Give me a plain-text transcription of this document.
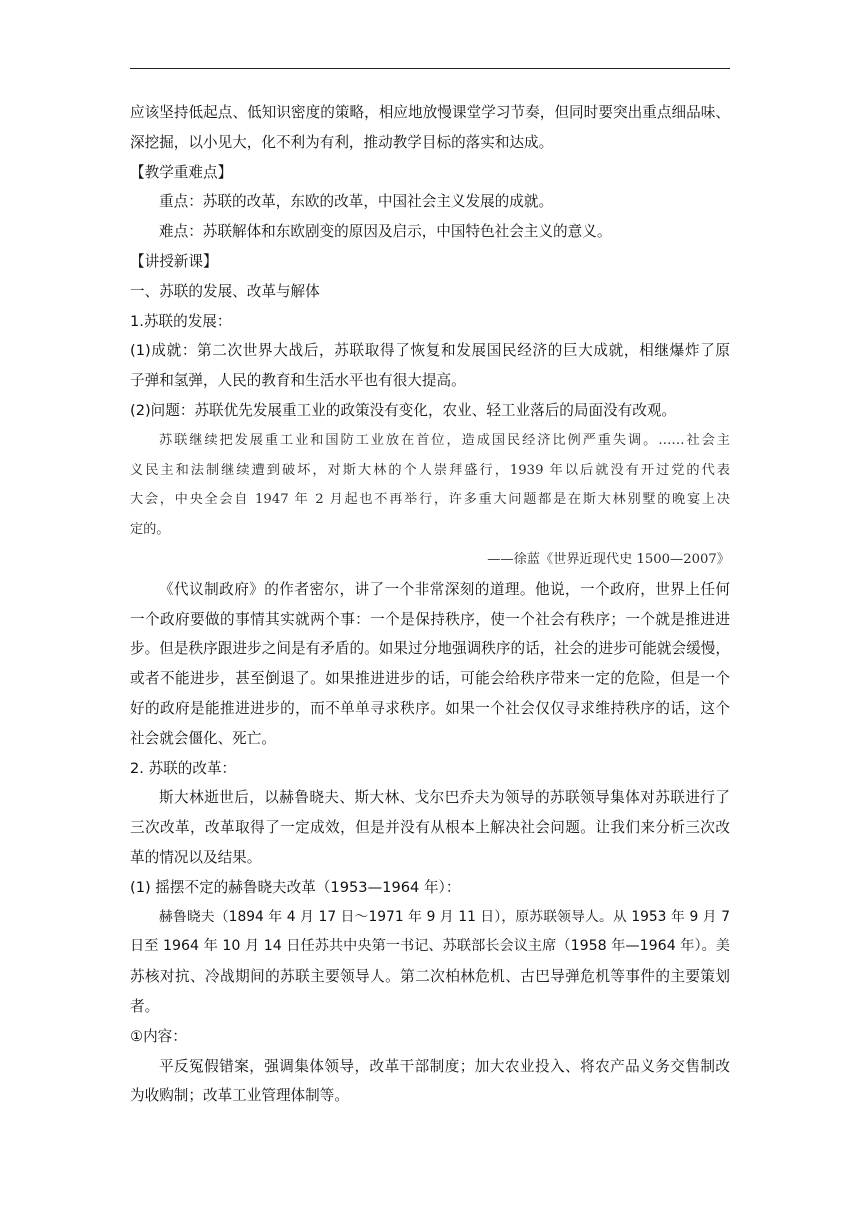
应该坚持低起点、低知识密度的策略，相应地放慢课堂学习节奏，但同时要突出重点细品味、
深挖掘，以小见大，化不利为有利，推动教学目标的落实和达成。
【教学重难点】
重点：苏联的改革，东欧的改革，中国社会主义发展的成就。
难点：苏联解体和东欧剧变的原因及启示，中国特色社会主义的意义。
【讲授新课】
一、苏联的发展、改革与解体
1.苏联的发展：
(1)成就：第二次世界大战后，苏联取得了恢复和发展国民经济的巨大成就，相继爆炸了原
子弹和氢弹，人民的教育和生活水平也有很大提高。
(2)问题：苏联优先发展重工业的政策没有变化，农业、轻工业落后的局面没有改观。
苏联继续把发展重工业和国防工业放在首位，造成国民经济比例严重失调。……社会主
义民主和法制继续遭到破坏，对斯大林的个人崇拜盛行，1939 年以后就没有开过党的代表
大会，中央全会自 1947 年 2 月起也不再举行，许多重大问题都是在斯大林别墅的晚宴上决
定的。
——徐蓝《世界近现代史 1500—2007》
《代议制政府》的作者密尔，讲了一个非常深刻的道理。他说，一个政府，世界上任何
一个政府要做的事情其实就两个事：一个是保持秩序，使一个社会有秩序；一个就是推进进
步。但是秩序跟进步之间是有矛盾的。如果过分地强调秩序的话，社会的进步可能就会缓慢，
或者不能进步，甚至倒退了。如果推进进步的话，可能会给秩序带来一定的危险，但是一个
好的政府是能推进进步的，而不单单寻求秩序。如果一个社会仅仅寻求维持秩序的话，这个
社会就会僵化、死亡。
2. 苏联的改革：
斯大林逝世后，以赫鲁晓夫、斯大林、戈尔巴乔夫为领导的苏联领导集体对苏联进行了
三次改革，改革取得了一定成效，但是并没有从根本上解决社会问题。让我们来分析三次改
革的情况以及结果。
(1) 摇摆不定的赫鲁晓夫改革（1953—1964 年）：
赫鲁晓夫（1894 年 4 月 17 日～1971 年 9 月 11 日），原苏联领导人。从 1953 年 9 月 7
日至 1964 年 10 月 14 日任苏共中央第一书记、苏联部长会议主席（1958 年—1964 年）。美
苏核对抗、冷战期间的苏联主要领导人。第二次柏林危机、古巴导弹危机等事件的主要策划
者。
①内容：
平反冤假错案，强调集体领导，改革干部制度；加大农业投入、将农产品义务交售制改
为收购制；改革工业管理体制等。
